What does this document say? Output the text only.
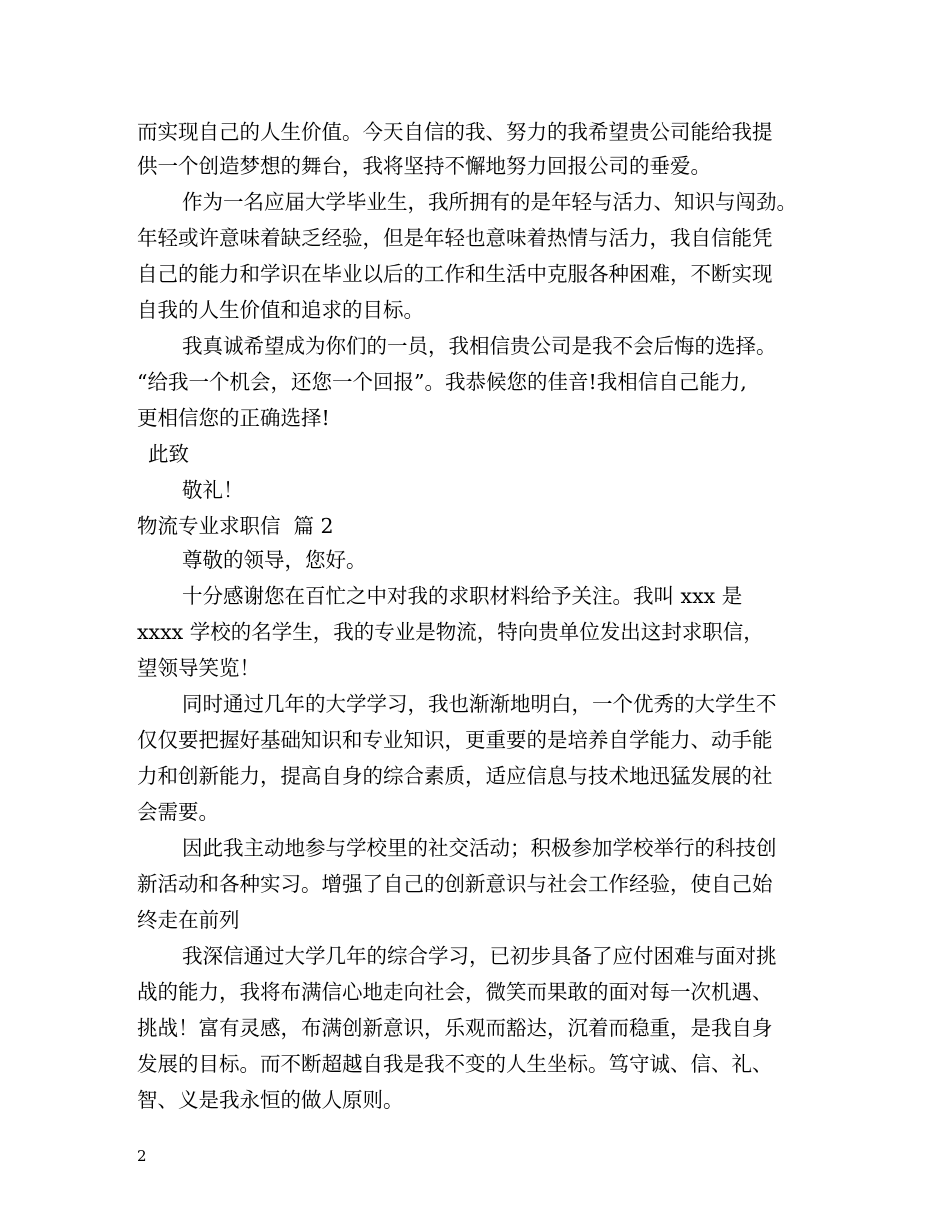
而实现自己的人生价值。今天自信的我、努力的我希望贵公司能给我提

供一个创造梦想的舞台，我将坚持不懈地努力回报公司的垂爱。

作为一名应届大学毕业生，我所拥有的是年轻与活力、知识与闯劲。

年轻或许意味着缺乏经验，但是年轻也意味着热情与活力，我自信能凭

自己的能力和学识在毕业以后的工作和生活中克服各种困难，不断实现

自我的人生价值和追求的目标。

我真诚希望成为你们的一员，我相信贵公司是我不会后悔的选择。

“给我一个机会，还您一个回报”。我恭候您的佳音!我相信自己能力,

更相信您的正确选择!

此致

敬礼！

物流专业求职信  篇 2

尊敬的领导，您好。

十分感谢您在百忙之中对我的求职材料给予关注。我叫 xxx 是

xxxx 学校的名学生，我的专业是物流，特向贵单位发出这封求职信，

望领导笑览！

同时通过几年的大学学习，我也渐渐地明白，一个优秀的大学生不

仅仅要把握好基础知识和专业知识，更重要的是培养自学能力、动手能

力和创新能力，提高自身的综合素质，适应信息与技术地迅猛发展的社

会需要。

因此我主动地参与学校里的社交活动；积极参加学校举行的科技创

新活动和各种实习。增强了自己的创新意识与社会工作经验，使自己始

终走在前列

我深信通过大学几年的综合学习，已初步具备了应付困难与面对挑

战的能力，我将布满信心地走向社会，微笑而果敢的面对每一次机遇、

挑战！富有灵感，布满创新意识，乐观而豁达，沉着而稳重，是我自身

发展的目标。而不断超越自我是我不变的人生坐标。笃守诚、信、礼、

智、义是我永恒的做人原则。

2
